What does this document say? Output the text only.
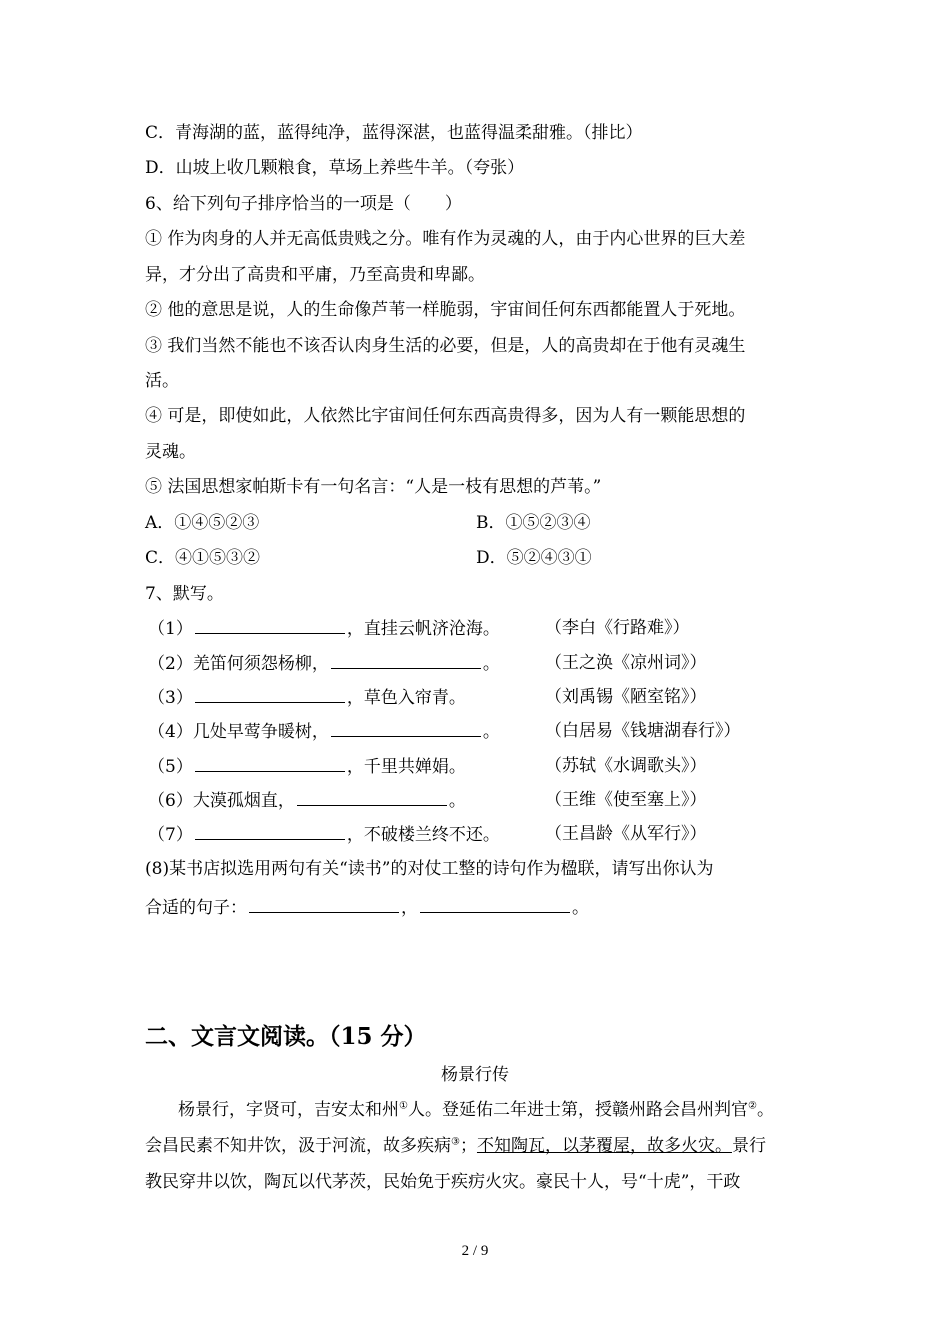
C．青海湖的蓝，蓝得纯净，蓝得深湛，也蓝得温柔甜雅。（排比）
D．山坡上收几颗粮食，草场上养些牛羊。（夸张）
6、给下列句子排序恰当的一项是（　　）
① 作为肉身的人并无高低贵贱之分。唯有作为灵魂的人，由于内心世界的巨大差
异，才分出了高贵和平庸，乃至高贵和卑鄙。
② 他的意思是说，人的生命像芦苇一样脆弱，宇宙间任何东西都能置人于死地。
③ 我们当然不能也不该否认肉身生活的必要，但是，人的高贵却在于他有灵魂生
活。
④ 可是，即使如此，人依然比宇宙间任何东西高贵得多，因为人有一颗能思想的
灵魂。
⑤ 法国思想家帕斯卡有一句名言：“人是一枝有思想的芦苇。”
A．①④⑤②③	B．①⑤②③④
C．④①⑤③②	D．⑤②④③①
7、默写。
（1）	，直挂云帆济沧海。	（李白《行路难》）
（2）羌笛何须怨杨柳，	。	（王之涣《凉州词》）
（3）	，草色入帘青。	（刘禹锡《陋室铭》）
（4）几处早莺争暖树，	。	（白居易《钱塘湖春行》）
（5）	，千里共婵娟。	（苏轼《水调歌头》）
（6）大漠孤烟直，	。	（王维《使至塞上》）
（7）	，不破楼兰终不还。	（王昌龄《从军行》）
(8)某书店拟选用两句有关“读书”的对仗工整的诗句作为楹联，请写出你认为
合适的句子：	，	。
二、文言文阅读。（15 分）
杨景行传
杨景行，字贤可，吉安太和州①人。登延佑二年进士第，授赣州路会昌州判官②。
会昌民素不知井饮，汲于河流，故多疾病③；不知陶瓦，以茅覆屋，故多火灾。景行
教民穿井以饮，陶瓦以代茅茨，民始免于疾疠火灾。豪民十人，号“十虎”，干政
2 / 9
